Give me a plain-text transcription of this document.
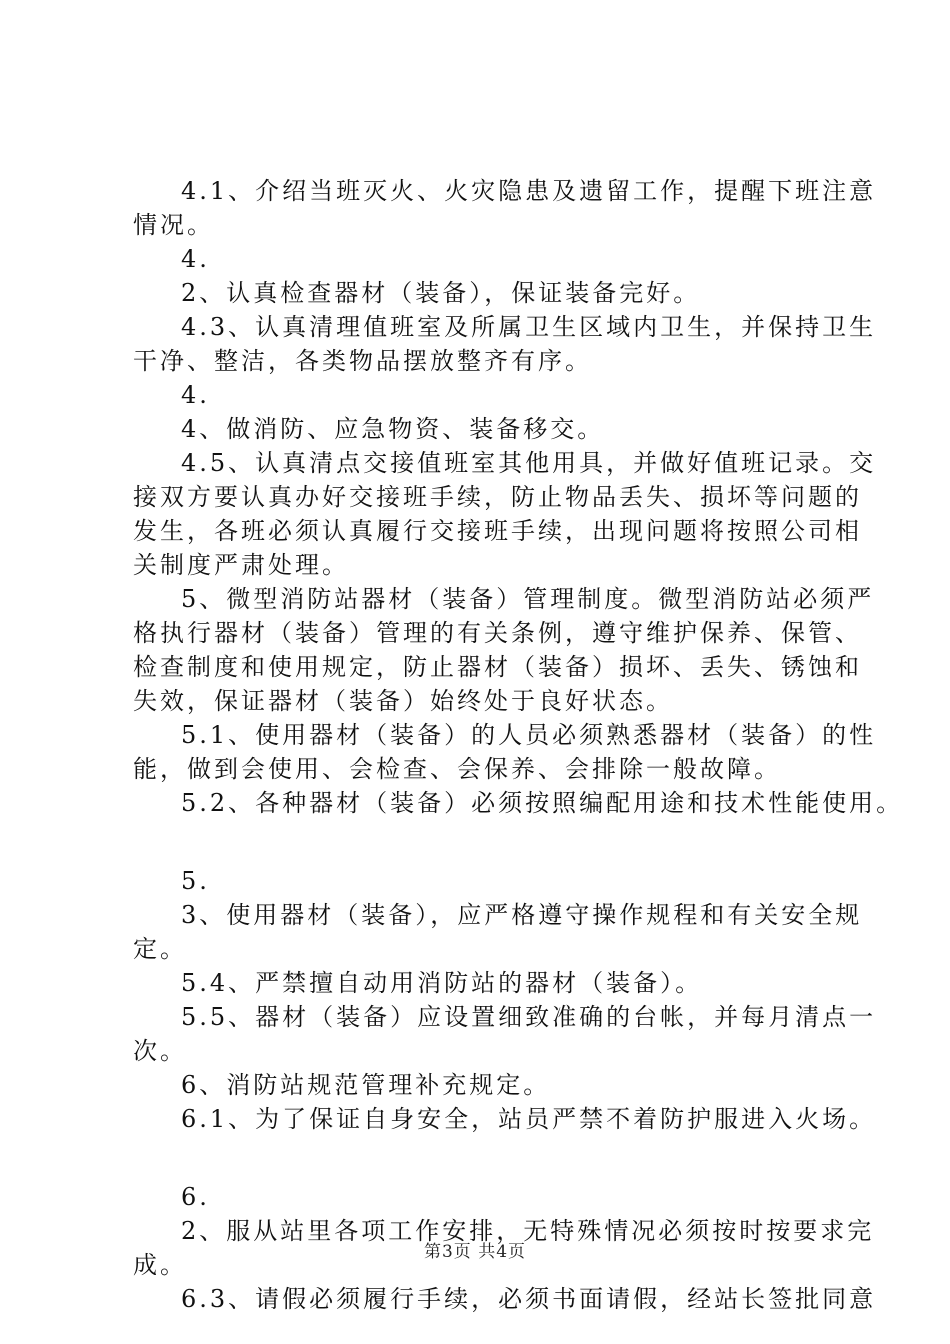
4.1、介绍当班灭火、火灾隐患及遗留工作，提醒下班注意
情况。
4.
2、认真检查器材（装备），保证装备完好。
4.3、认真清理值班室及所属卫生区域内卫生，并保持卫生
干净、整洁，各类物品摆放整齐有序。
4.
4、做消防、应急物资、装备移交。
4.5、认真清点交接值班室其他用具，并做好值班记录。交
接双方要认真办好交接班手续，防止物品丢失、损坏等问题的
发生，各班必须认真履行交接班手续，出现问题将按照公司相
关制度严肃处理。
5、微型消防站器材（装备）管理制度。微型消防站必须严
格执行器材（装备）管理的有关条例，遵守维护保养、保管、
检查制度和使用规定，防止器材（装备）损坏、丢失、锈蚀和
失效，保证器材（装备）始终处于良好状态。
5.1、使用器材（装备）的人员必须熟悉器材（装备）的性
能，做到会使用、会检查、会保养、会排除一般故障。
5.2、各种器材（装备）必须按照编配用途和技术性能使用。
5.
3、使用器材（装备），应严格遵守操作规程和有关安全规
定。
5.4、严禁擅自动用消防站的器材（装备）。
5.5、器材（装备）应设置细致准确的台帐，并每月清点一
次。
6、消防站规范管理补充规定。
6.1、为了保证自身安全，站员严禁不着防护服进入火场。
6.
2、服从站里各项工作安排，无特殊情况必须按时按要求完
成。
6.3、请假必须履行手续，必须书面请假，经站长签批同意
第3页 共4页
